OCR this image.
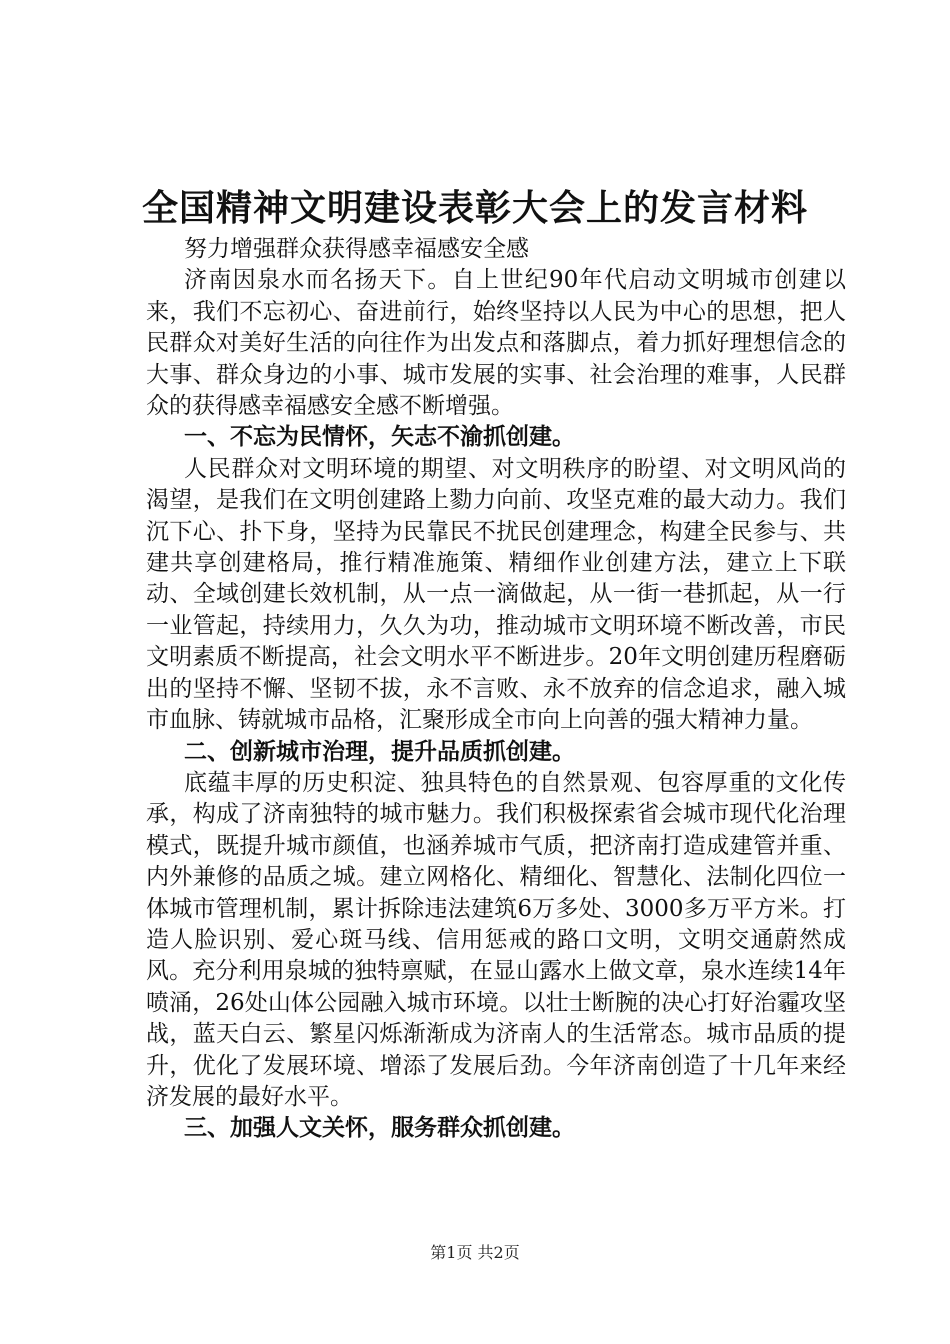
全国精神文明建设表彰大会上的发言材料

努力增强群众获得感幸福感安全感

济南因泉水而名扬天下。自上世纪90年代启动文明城市创建以来，我们不忘初心、奋进前行，始终坚持以人民为中心的思想，把人民群众对美好生活的向往作为出发点和落脚点，着力抓好理想信念的大事、群众身边的小事、城市发展的实事、社会治理的难事，人民群众的获得感幸福感安全感不断增强。

一、不忘为民情怀，矢志不渝抓创建。

人民群众对文明环境的期望、对文明秩序的盼望、对文明风尚的渴望，是我们在文明创建路上勠力向前、攻坚克难的最大动力。我们沉下心、扑下身，坚持为民靠民不扰民创建理念，构建全民参与、共建共享创建格局，推行精准施策、精细作业创建方法，建立上下联动、全域创建长效机制，从一点一滴做起，从一街一巷抓起，从一行一业管起，持续用力，久久为功，推动城市文明环境不断改善，市民文明素质不断提高，社会文明水平不断进步。20年文明创建历程磨砺出的坚持不懈、坚韧不拔，永不言败、永不放弃的信念追求，融入城市血脉、铸就城市品格，汇聚形成全市向上向善的强大精神力量。

二、创新城市治理，提升品质抓创建。

底蕴丰厚的历史积淀、独具特色的自然景观、包容厚重的文化传承，构成了济南独特的城市魅力。我们积极探索省会城市现代化治理模式，既提升城市颜值，也涵养城市气质，把济南打造成建管并重、内外兼修的品质之城。建立网格化、精细化、智慧化、法制化四位一体城市管理机制，累计拆除违法建筑6万多处、3000多万平方米。打造人脸识别、爱心斑马线、信用惩戒的路口文明，文明交通蔚然成风。充分利用泉城的独特禀赋，在显山露水上做文章，泉水连续14年喷涌，26处山体公园融入城市环境。以壮士断腕的决心打好治霾攻坚战，蓝天白云、繁星闪烁渐渐成为济南人的生活常态。城市品质的提升，优化了发展环境、增添了发展后劲。今年济南创造了十几年来经济发展的最好水平。

三、加强人文关怀，服务群众抓创建。

第1页 共2页
